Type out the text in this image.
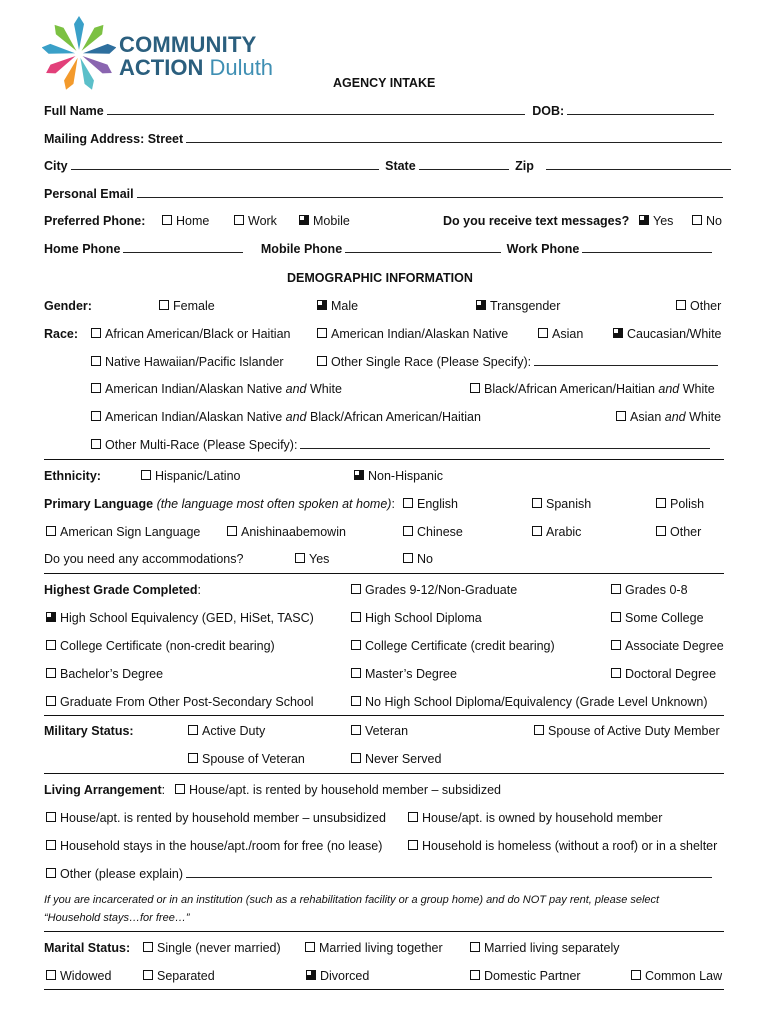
COMMUNITY
ACTION Duluth
AGENCY INTAKE
Full Name	DOB:
Mailing Address: Street
City	State	Zip
Personal Email
Preferred Phone:	Home	Work	Mobile	Do you receive text messages?	Yes	No
Home Phone	Mobile Phone	Work Phone
DEMOGRAPHIC INFORMATION
Gender:	Female	Male	Transgender	Other
Race:	African American/Black or Haitian	American Indian/Alaskan Native	Asian	Caucasian/White
Native Hawaiian/Pacific Islander	Other Single Race (Please Specify):
American Indian/Alaskan Native and White	Black/African American/Haitian and White
American Indian/Alaskan Native and Black/African American/Haitian	Asian and White
Other Multi-Race (Please Specify):
Ethnicity:	Hispanic/Latino	Non-Hispanic
Primary Language (the language most often spoken at home):	English	Spanish	Polish
American Sign Language	Anishinaabemowin	Chinese	Arabic	Other
Do you need any accommodations?	Yes	No
Highest Grade Completed:	Grades 9-12/Non-Graduate	Grades 0-8
High School Equivalency (GED, HiSet, TASC)	High School Diploma	Some College
College Certificate (non-credit bearing)	College Certificate (credit bearing)	Associate Degree
Bachelor’s Degree	Master’s Degree	Doctoral Degree
Graduate From Other Post-Secondary School	No High School Diploma/Equivalency (Grade Level Unknown)
Military Status:	Active Duty	Veteran	Spouse of Active Duty Member
Spouse of Veteran	Never Served
Living Arrangement:	House/apt. is rented by household member – subsidized
House/apt. is rented by household member – unsubsidized	House/apt. is owned by household member
Household stays in the house/apt./room for free (no lease)	Household is homeless (without a roof) or in a shelter
Other (please explain)
If you are incarcerated or in an institution (such as a rehabilitation facility or a group home) and do NOT pay rent, please select
“Household stays…for free…”
Marital Status:	Single (never married)	Married living together	Married living separately
Widowed	Separated	Divorced	Domestic Partner	Common Law
